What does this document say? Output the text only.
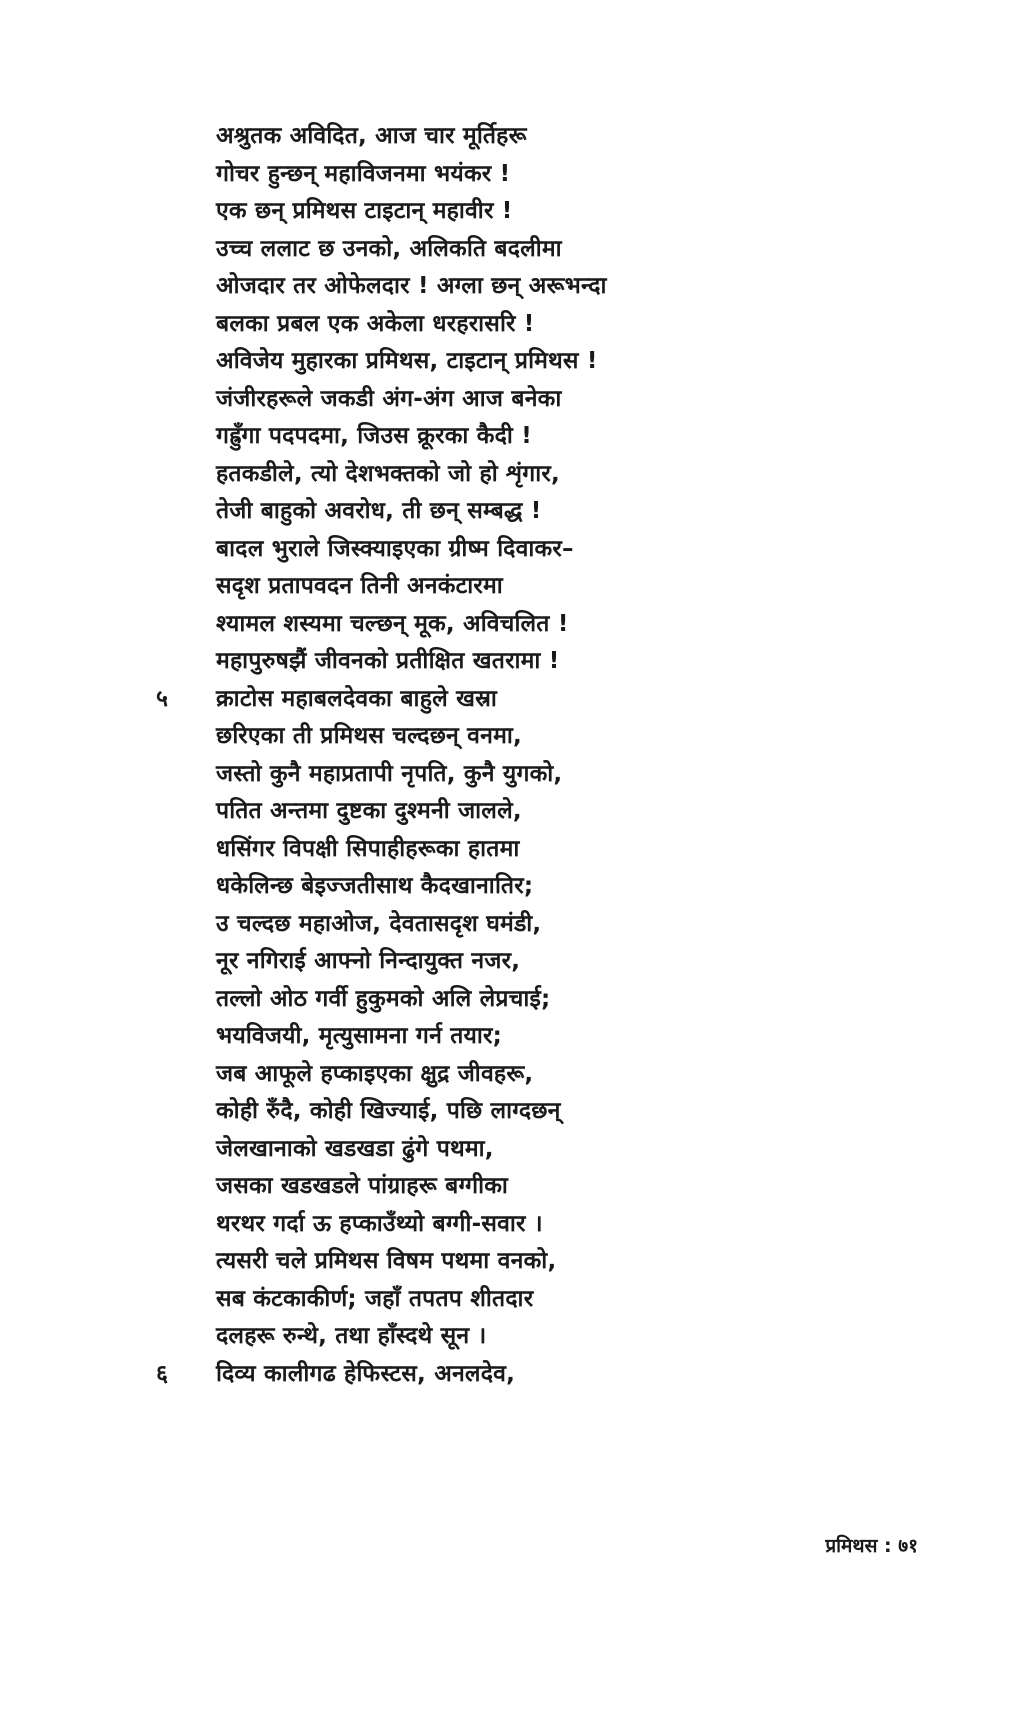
अश्रुतक अविदित, आज चार मूर्तिहरू
गोचर हुन्छन् महाविजनमा भयंकर !
एक छन् प्रमिथस टाइटान् महावीर !
उच्च ललाट छ उनको, अलिकति बदलीमा
ओजदार तर ओफेलदार ! अग्ला छन् अरूभन्दा
बलका प्रबल एक अकेला धरहरासरि !
अविजेय मुहारका प्रमिथस, टाइटान् प्रमिथस !
जंजीरहरूले जकडी अंग-अंग आज बनेका
गह्रुँगा पदपदमा, जिउस क्रूरका कैदी !
हतकडीले, त्यो देशभक्तको जो हो शृंगार,
तेजी बाहुको अवरोध, ती छन् सम्बद्ध !
बादल भुराले जिस्क्याइएका ग्रीष्म दिवाकर–
सदृश प्रतापवदन तिनी अनकंटारमा
श्यामल शस्यमा चल्छन् मूक, अविचलित !
महापुरुषझैं जीवनको प्रतीक्षित खतरामा !
५ क्राटोस महाबलदेवका बाहुले खस्रा
छरिएका ती प्रमिथस चल्दछन् वनमा,
जस्तो कुनै महाप्रतापी नृपति, कुनै युगको,
पतित अन्तमा दुष्टका दुश्मनी जालले,
धसिंगर विपक्षी सिपाहीहरूका हातमा
धकेलिन्छ बेइज्जतीसाथ कैदखानातिर;
उ चल्दछ महाओज, देवतासदृश घमंडी,
नूर नगिराई आफ्नो निन्दायुक्त नजर,
तल्लो ओठ गर्वी हुकुमको अलि लेप्रचाई;
भयविजयी, मृत्युसामना गर्न तयार;
जब आफूले हप्काइएका क्षुद्र जीवहरू,
कोही रुँदै, कोही खिज्याई, पछि लाग्दछन्
जेलखानाको खडखडा ढुंगे पथमा,
जसका खडखडले पांग्राहरू बग्गीका
थरथर गर्दा ऊ हप्काउँथ्यो बग्गी-सवार ।
त्यसरी चले प्रमिथस विषम पथमा वनको,
सब कंटकाकीर्ण; जहाँ तपतप शीतदार
दलहरू रुन्थे, तथा हाँस्दथे सून ।
६ दिव्य कालीगढ हेफिस्टस, अनलदेव,
प्रमिथस : ७१
